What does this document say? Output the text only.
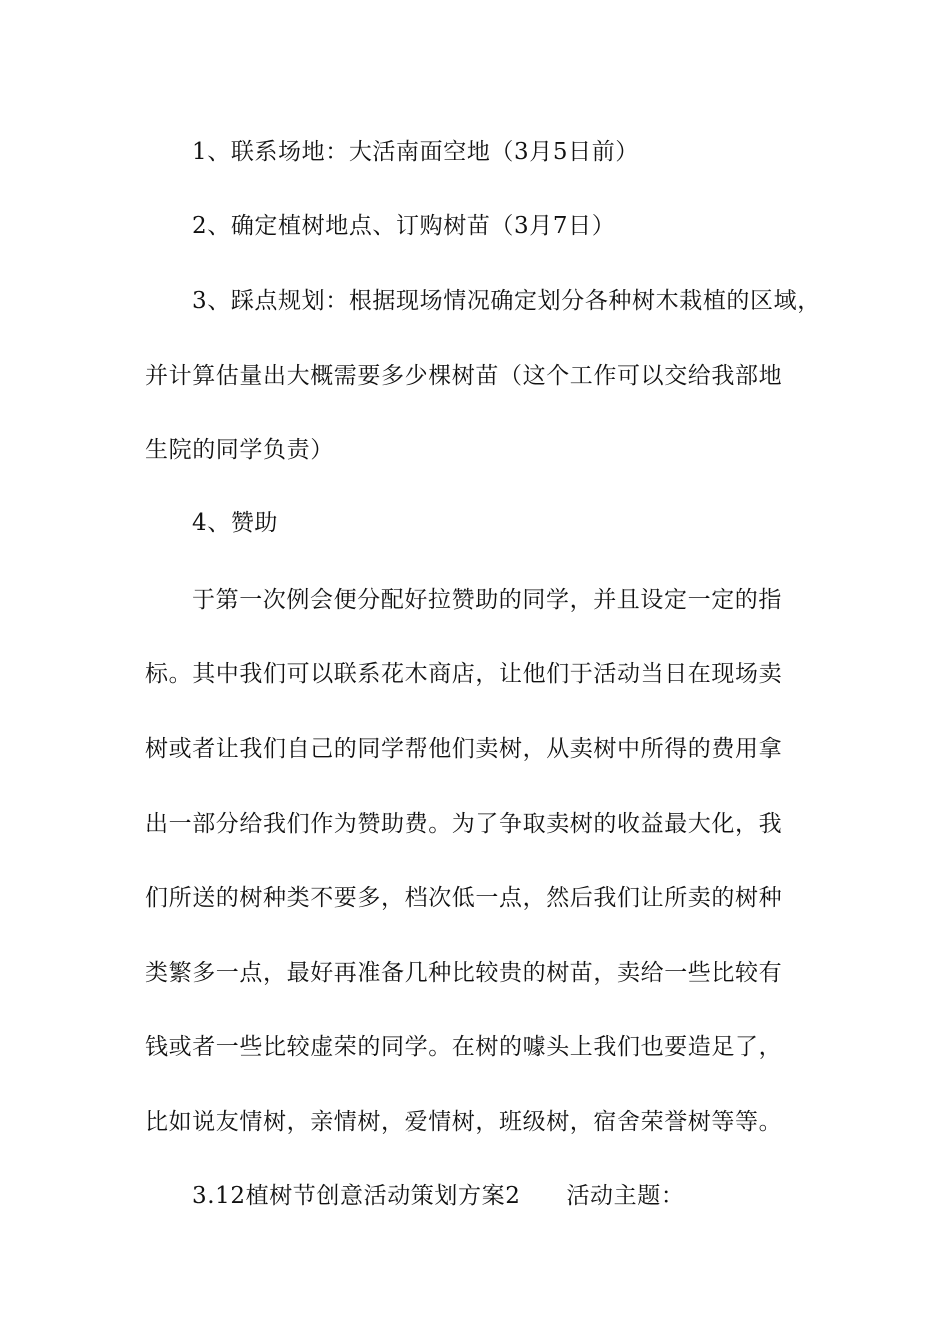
1、联系场地：大活南面空地（3月5日前）
2、确定植树地点、订购树苗（3月7日）
3、踩点规划：根据现场情况确定划分各种树木栽植的区域，
并计算估量出大概需要多少棵树苗（这个工作可以交给我部地
生院的同学负责）
4、赞助
于第一次例会便分配好拉赞助的同学，并且设定一定的指
标。其中我们可以联系花木商店，让他们于活动当日在现场卖
树或者让我们自己的同学帮他们卖树，从卖树中所得的费用拿
出一部分给我们作为赞助费。为了争取卖树的收益最大化，我
们所送的树种类不要多，档次低一点，然后我们让所卖的树种
类繁多一点，最好再准备几种比较贵的树苗，卖给一些比较有
钱或者一些比较虚荣的同学。在树的噱头上我们也要造足了，
比如说友情树，亲情树，爱情树，班级树，宿舍荣誉树等等。
3.12植树节创意活动策划方案2 活动主题：
